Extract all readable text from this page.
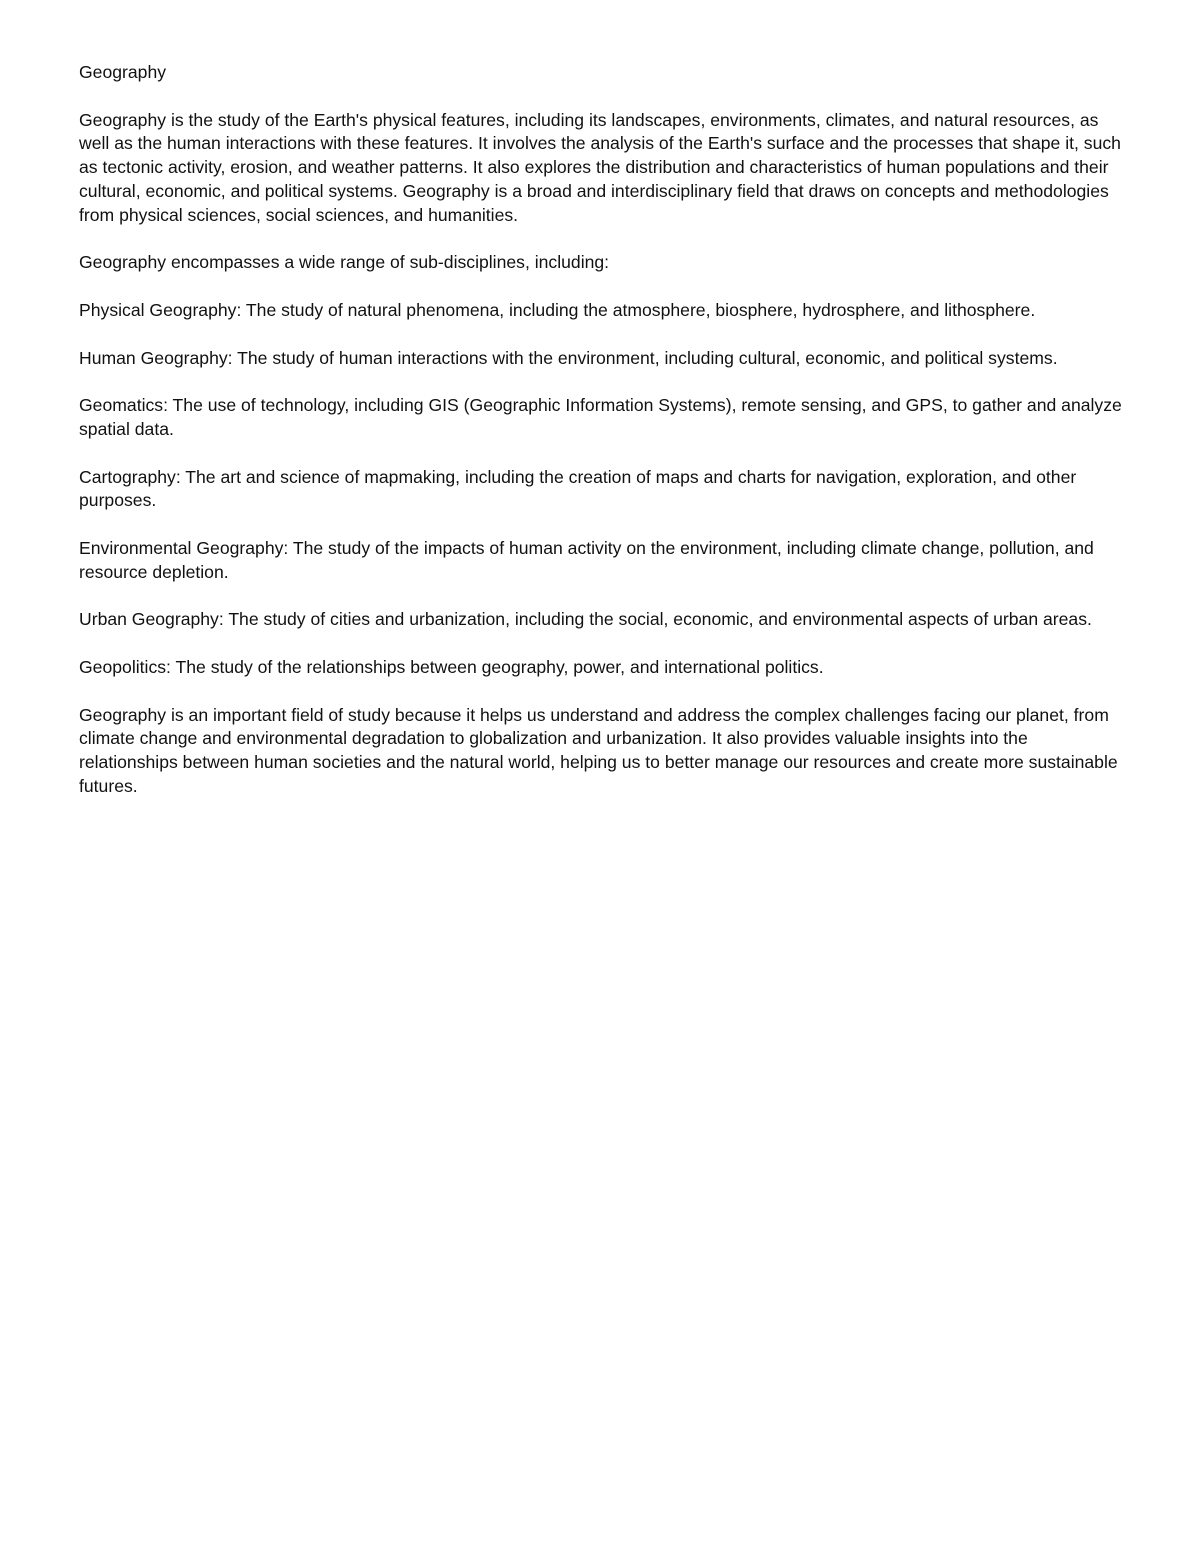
Geography

Geography is the study of the Earth's physical features, including its landscapes, environments, climates, and natural resources, as well as the human interactions with these features. It involves the analysis of the Earth's surface and the processes that shape it, such as tectonic activity, erosion, and weather patterns. It also explores the distribution and characteristics of human populations and their cultural, economic, and political systems. Geography is a broad and interdisciplinary field that draws on concepts and methodologies from physical sciences, social sciences, and humanities.

Geography encompasses a wide range of sub-disciplines, including:

Physical Geography: The study of natural phenomena, including the atmosphere, biosphere, hydrosphere, and lithosphere.

Human Geography: The study of human interactions with the environment, including cultural, economic, and political systems.

Geomatics: The use of technology, including GIS (Geographic Information Systems), remote sensing, and GPS, to gather and analyze spatial data.

Cartography: The art and science of mapmaking, including the creation of maps and charts for navigation, exploration, and other purposes.

Environmental Geography: The study of the impacts of human activity on the environment, including climate change, pollution, and resource depletion.

Urban Geography: The study of cities and urbanization, including the social, economic, and environmental aspects of urban areas.

Geopolitics: The study of the relationships between geography, power, and international politics.

Geography is an important field of study because it helps us understand and address the complex challenges facing our planet, from climate change and environmental degradation to globalization and urbanization. It also provides valuable insights into the relationships between human societies and the natural world, helping us to better manage our resources and create more sustainable futures.
